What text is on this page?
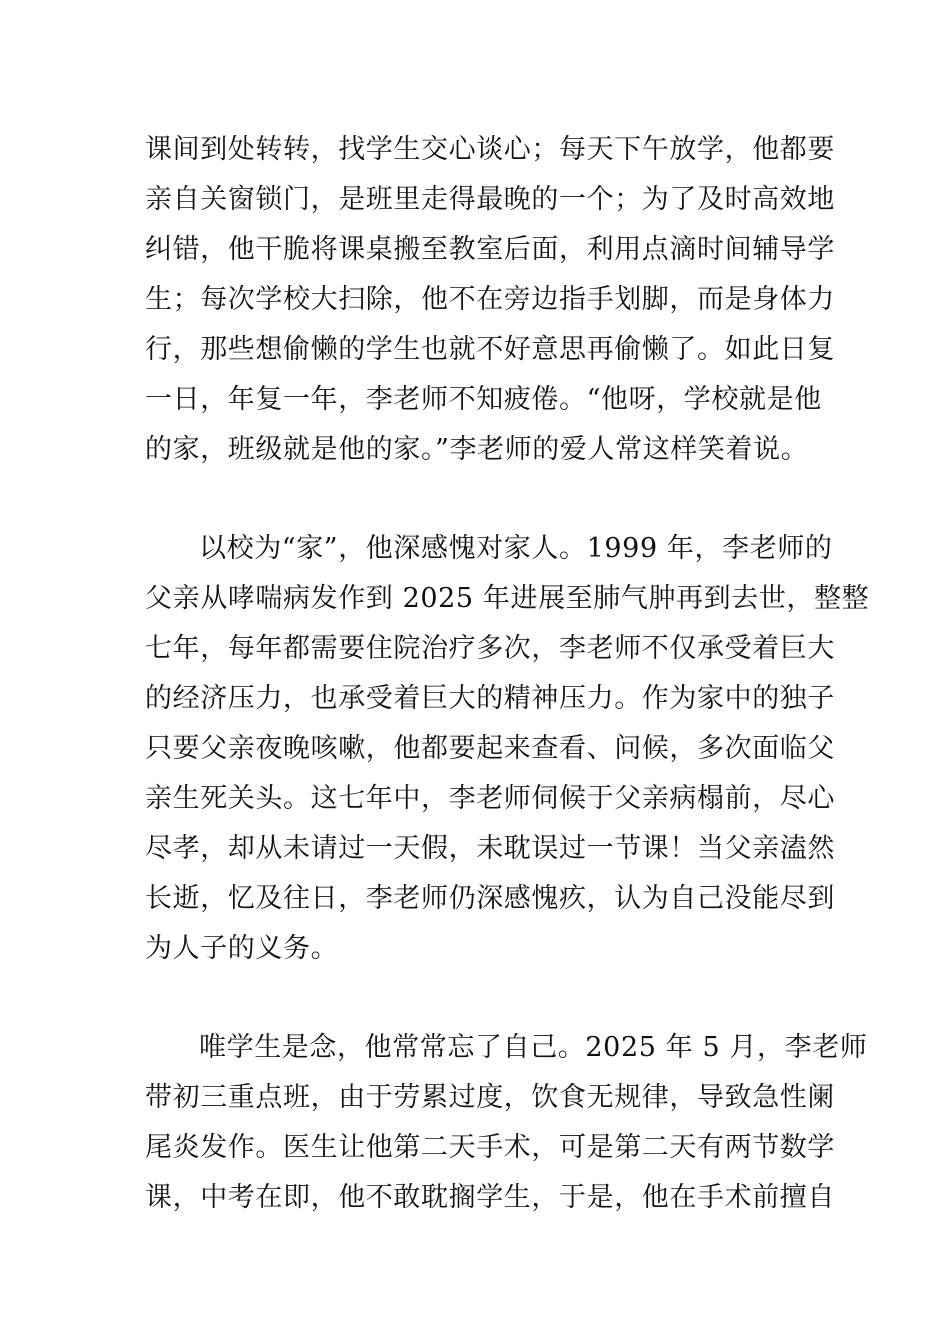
课间到处转转，找学生交心谈心；每天下午放学，他都要
亲自关窗锁门，是班里走得最晚的一个；为了及时高效地
纠错，他干脆将课桌搬至教室后面，利用点滴时间辅导学
生；每次学校大扫除，他不在旁边指手划脚，而是身体力
行，那些想偷懒的学生也就不好意思再偷懒了。如此日复
一日，年复一年，李老师不知疲倦。“他呀，学校就是他
的家，班级就是他的家。”李老师的爱人常这样笑着说。
以校为“家”，他深感愧对家人。1999 年，李老师的
父亲从哮喘病发作到 2025 年进展至肺气肿再到去世，整整
七年，每年都需要住院治疗多次，李老师不仅承受着巨大
的经济压力，也承受着巨大的精神压力。作为家中的独子
只要父亲夜晚咳嗽，他都要起来查看、问候，多次面临父
亲生死关头。这七年中，李老师伺候于父亲病榻前，尽心
尽孝，却从未请过一天假，未耽误过一节课！当父亲溘然
长逝，忆及往日，李老师仍深感愧疚，认为自己没能尽到
为人子的义务。
唯学生是念，他常常忘了自己。2025 年 5 月，李老师
带初三重点班，由于劳累过度，饮食无规律，导致急性阑
尾炎发作。医生让他第二天手术，可是第二天有两节数学
课，中考在即，他不敢耽搁学生，于是，他在手术前擅自
